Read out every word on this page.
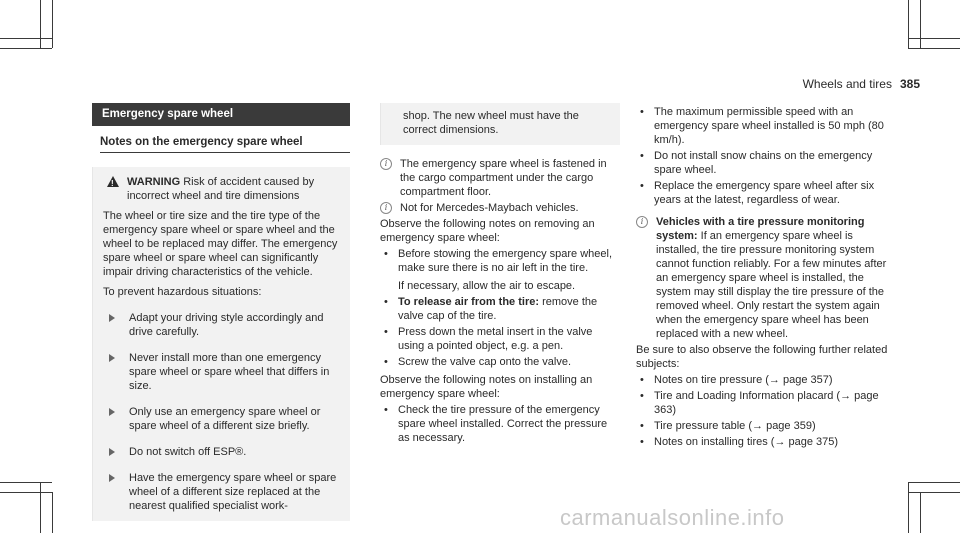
Wheels and tires 385
Emergency spare wheel
Notes on the emergency spare wheel
!
WARNING Risk of accident caused by incorrect wheel and tire dimensions
The wheel or tire size and the tire type of the emergency spare wheel or spare wheel and the wheel to be replaced may differ. The emergency spare wheel or spare wheel can significantly impair driving characteristics of the vehicle.
To prevent hazardous situations:
Adapt your driving style accordingly and drive carefully.
Never install more than one emergency spare wheel or spare wheel that differs in size.
Only use an emergency spare wheel or spare wheel of a different size briefly.
Do not switch off ESP®.
Have the emergency spare wheel or spare wheel of a different size replaced at the nearest qualified specialist work-
shop. The new wheel must have the correct dimensions.
i	The emergency spare wheel is fastened in the cargo compartment under the cargo compartment floor.
i	Not for Mercedes-Maybach vehicles.
Observe the following notes on removing an emergency spare wheel:
• Before stowing the emergency spare wheel, make sure there is no air left in the tire.
If necessary, allow the air to escape.
• To release air from the tire: remove the valve cap of the tire.
• Press down the metal insert in the valve using a pointed object, e.g. a pen.
• Screw the valve cap onto the valve.
Observe the following notes on installing an emergency spare wheel:
• Check the tire pressure of the emergency spare wheel installed. Correct the pressure as necessary.
• The maximum permissible speed with an emergency spare wheel installed is 50 mph (80 km/h).
• Do not install snow chains on the emergency spare wheel.
• Replace the emergency spare wheel after six years at the latest, regardless of wear.
i	Vehicles with a tire pressure monitoring system: If an emergency spare wheel is installed, the tire pressure monitoring system cannot function reliably. For a few minutes after an emergency spare wheel is installed, the system may still display the tire pressure of the removed wheel. Only restart the system again when the emergency spare wheel has been replaced with a new wheel.
Be sure to also observe the following further related subjects:
• Notes on tire pressure (→ page 357)
• Tire and Loading Information placard (→ page 363)
• Tire pressure table (→ page 359)
• Notes on installing tires (→ page 375)
carmanualsonline.info
